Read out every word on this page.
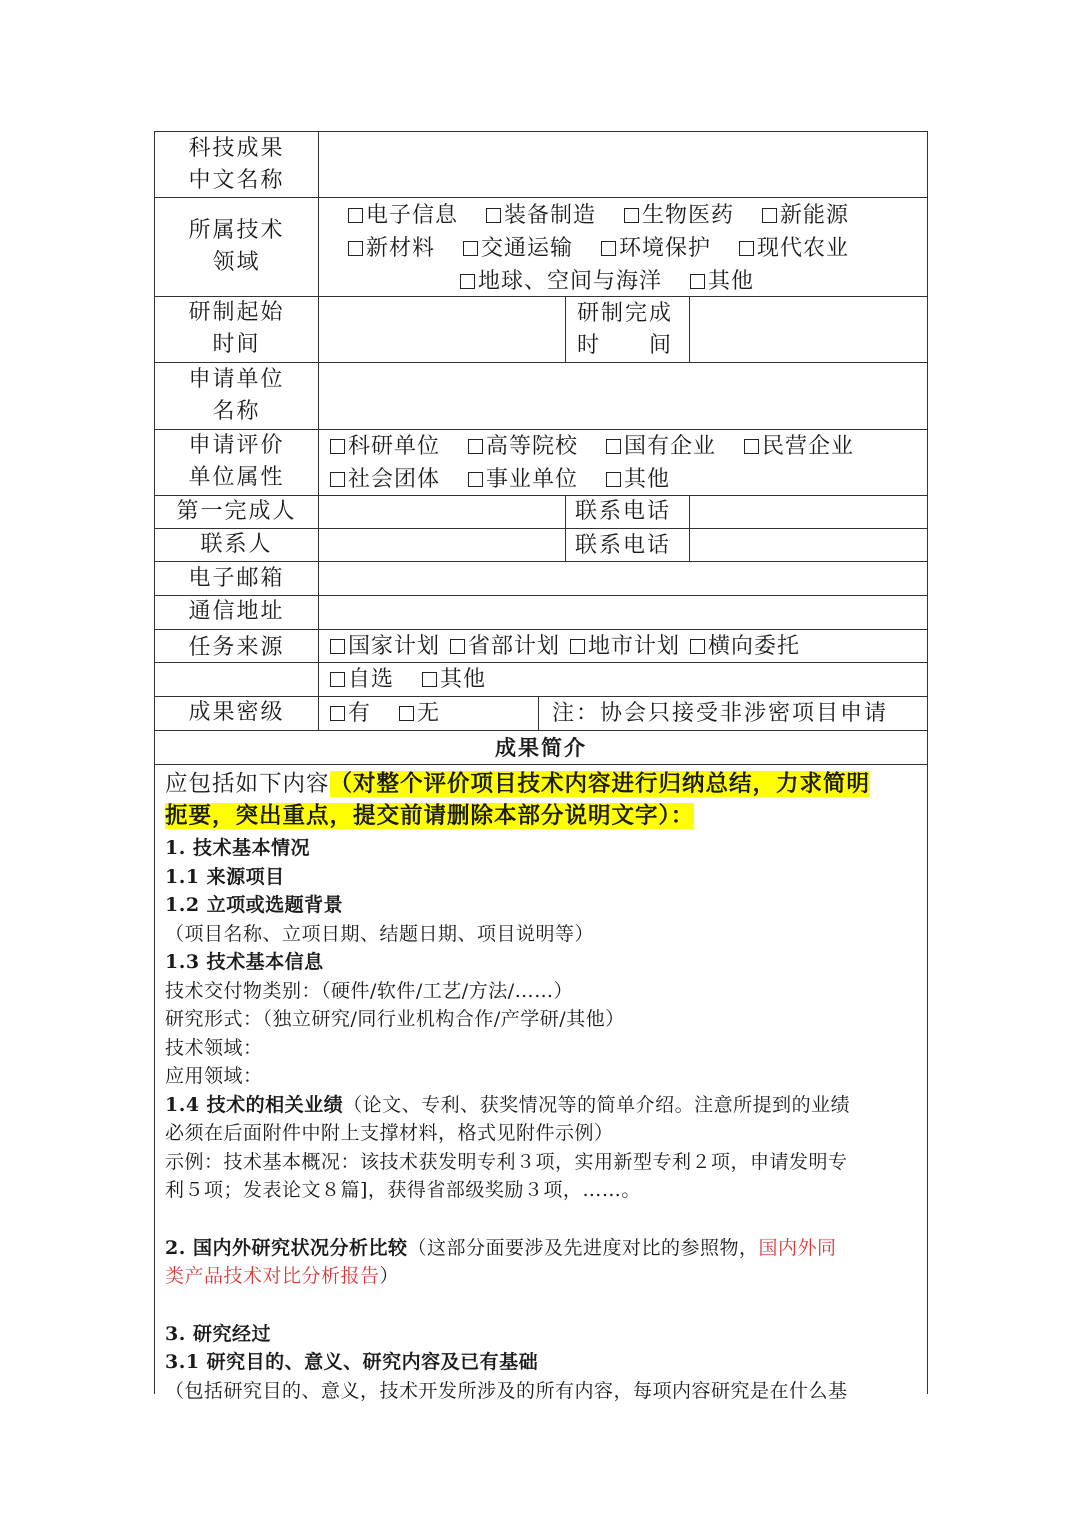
科技成果
中文名称
所属技术
领域
研制起始
时间
申请单位
名称
申请评价
单位属性
第一完成人
联系人
电子邮箱
通信地址
任务来源
成果密级
电子信息 装备制造 生物医药 新能源
新材料 交通运输 环境保护 现代农业
地球、空间与海洋 其他
研制完成
时　　间
科研单位 高等院校 国有企业 民营企业
社会团体 事业单位 其他
联系电话
联系电话
国家计划 省部计划 地市计划 横向委托
自选 其他
有 无	注：协会只接受非涉密项目申请
成果简介
应包括如下内容（对整个评价项目技术内容进行归纳总结，力求简明
扼要，突出重点，提交前请删除本部分说明文字）：
1. 技术基本情况
1.1 来源项目
1.2 立项或选题背景
（项目名称、立项日期、结题日期、项目说明等）
1.3 技术基本信息
技术交付物类别：（硬件/软件/工艺/方法/……）
研究形式：（独立研究/同行业机构合作/产学研/其他）
技术领域：
应用领域：
1.4 技术的相关业绩（论文、专利、获奖情况等的简单介绍。注意所提到的业绩
必须在后面附件中附上支撑材料，格式见附件示例）
示例：技术基本概况：该技术获发明专利３项，实用新型专利２项，申请发明专
利５项；发表论文８篇]，获得省部级奖励３项，……。
2. 国内外研究状况分析比较（这部分面要涉及先进度对比的参照物，国内外同
类产品技术对比分析报告）
3. 研究经过
3.1 研究目的、意义、研究内容及已有基础
（包括研究目的、意义，技术开发所涉及的所有内容，每项内容研究是在什么基
